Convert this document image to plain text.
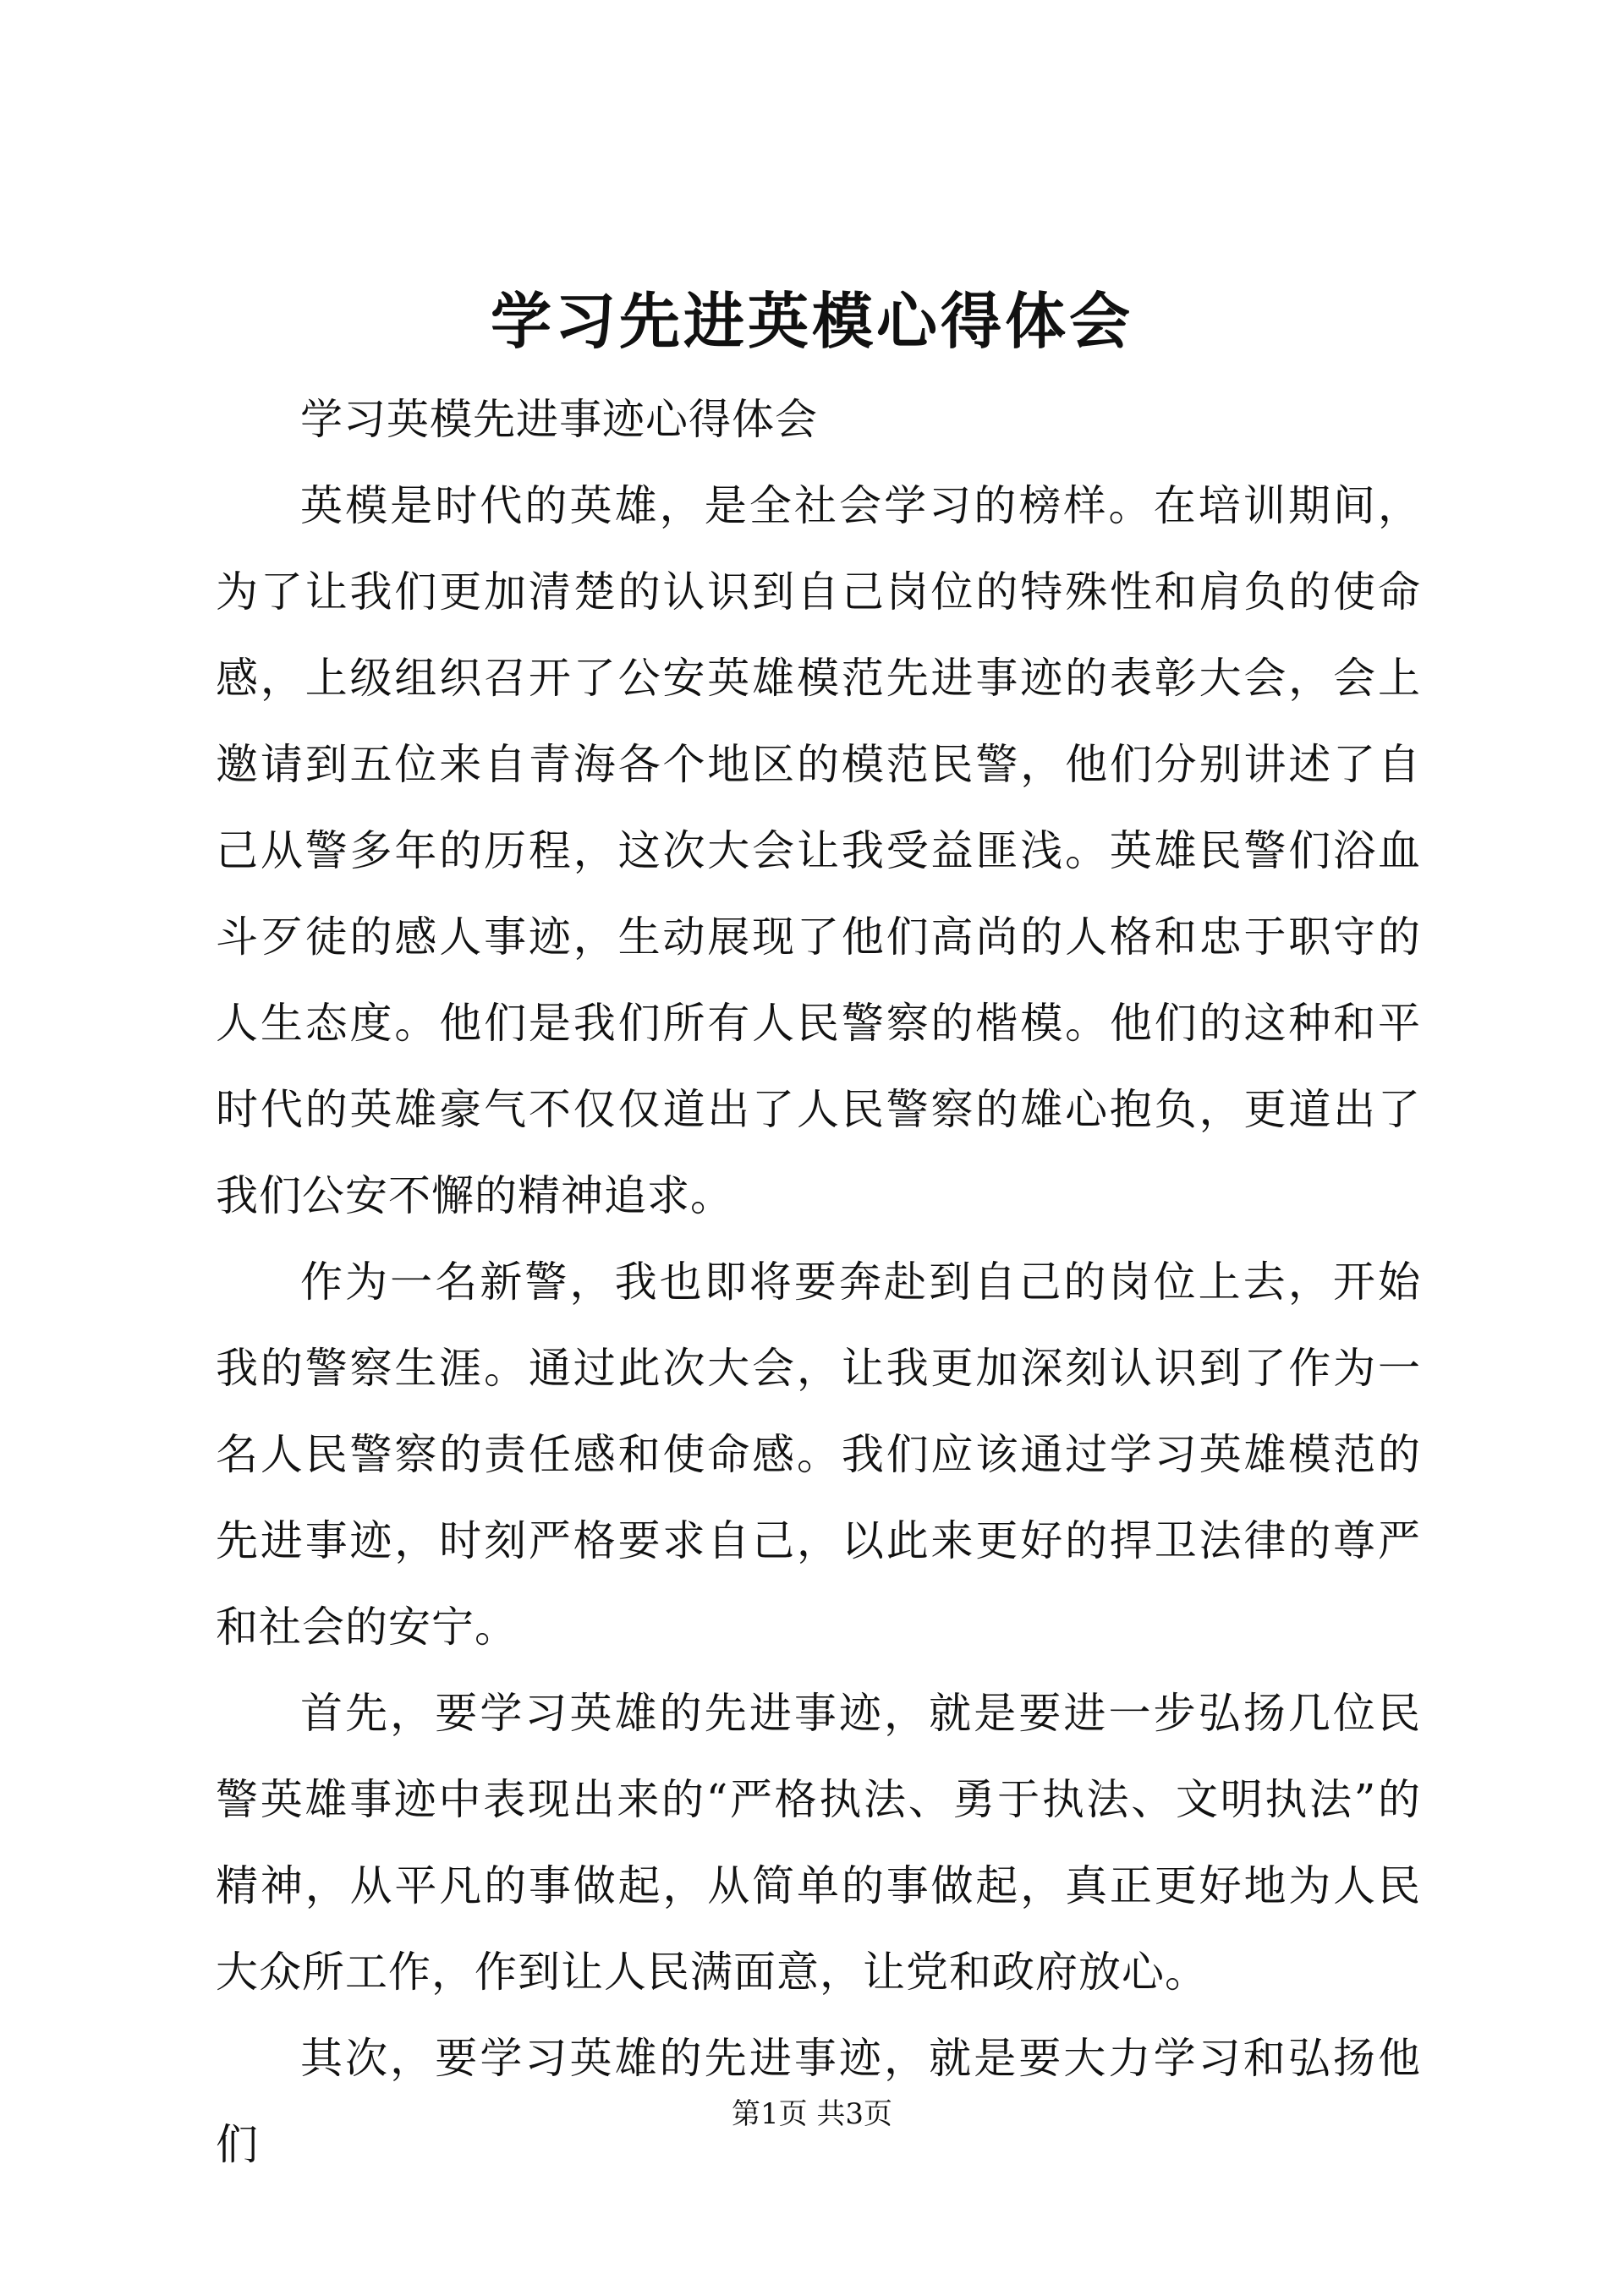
学习先进英模心得体会

学习英模先进事迹心得体会

英模是时代的英雄，是全社会学习的榜样。在培训期间，为了让我们更加清楚的认识到自己岗位的特殊性和肩负的使命感，上级组织召开了公安英雄模范先进事迹的表彰大会，会上邀请到五位来自青海各个地区的模范民警，他们分别讲述了自己从警多年的历程，这次大会让我受益匪浅。英雄民警们浴血斗歹徒的感人事迹，生动展现了他们高尚的人格和忠于职守的人生态度。他们是我们所有人民警察的楷模。他们的这种和平时代的英雄豪气不仅仅道出了人民警察的雄心抱负，更道出了我们公安不懈的精神追求。

作为一名新警，我也即将要奔赴到自己的岗位上去，开始我的警察生涯。通过此次大会，让我更加深刻认识到了作为一名人民警察的责任感和使命感。我们应该通过学习英雄模范的先进事迹，时刻严格要求自己，以此来更好的捍卫法律的尊严和社会的安宁。

首先，要学习英雄的先进事迹，就是要进一步弘扬几位民警英雄事迹中表现出来的“严格执法、勇于执法、文明执法”的精神，从平凡的事做起，从简单的事做起，真正更好地为人民大众所工作，作到让人民满面意，让党和政府放心。

其次，要学习英雄的先进事迹，就是要大力学习和弘扬他们

第1页 共3页
